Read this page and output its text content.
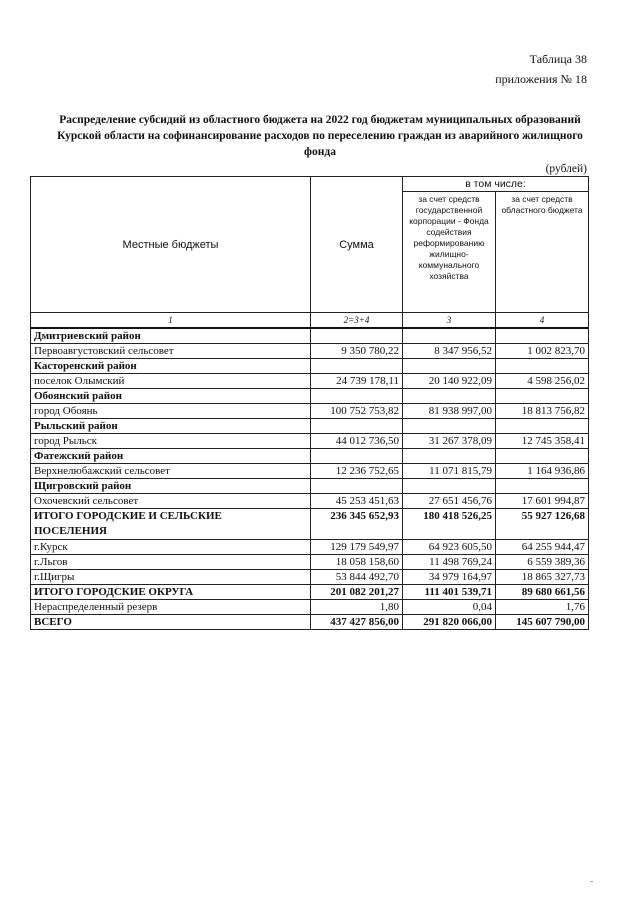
Таблица 38
приложения № 18
Распределение субсидий из областного бюджета на 2022 год бюджетам муниципальных образований Курской области на софинансирование расходов по переселению граждан из аварийного жилищного фонда
(рублей)
Местные бюджеты	Сумма	в том числе:	
		за счет средств государственной корпорации - Фонда содействия реформированию жилищно-коммунального хозяйства	за счет средств областного бюджета
1	2=3+4	3	4
Дмитриевский район			
Первоавгустовский сельсовет	9 350 780,22	8 347 956,52	1 002 823,70
Касторенский район			
поселок Олымский	24 739 178,11	20 140 922,09	4 598 256,02
Обоянский район			
город Обоянь	100 752 753,82	81 938 997,00	18 813 756,82
Рыльский район			
город Рыльск	44 012 736,50	31 267 378,09	12 745 358,41
Фатежский район			
Верхнелюбажский сельсовет	12 236 752,65	11 071 815,79	1 164 936,86
Щигровский район			
Охочевский сельсовет	45 253 451,63	27 651 456,76	17 601 994,87
ИТОГО ГОРОДСКИЕ И СЕЛЬСКИЕ
ПОСЕЛЕНИЯ	236 345 652,93	180 418 526,25	55 927 126,68
г.Курск	129 179 549,97	64 923 605,50	64 255 944,47
г.Льгов	18 058 158,60	11 498 769,24	6 559 389,36
г.Щигры	53 844 492,70	34 979 164,97	18 865 327,73
ИТОГО ГОРОДСКИЕ ОКРУГА	201 082 201,27	111 401 539,71	89 680 661,56
Нераспределенный резерв	1,80	0,04	1,76
ВСЕГО	437 427 856,00	291 820 066,00	145 607 790,00
-
